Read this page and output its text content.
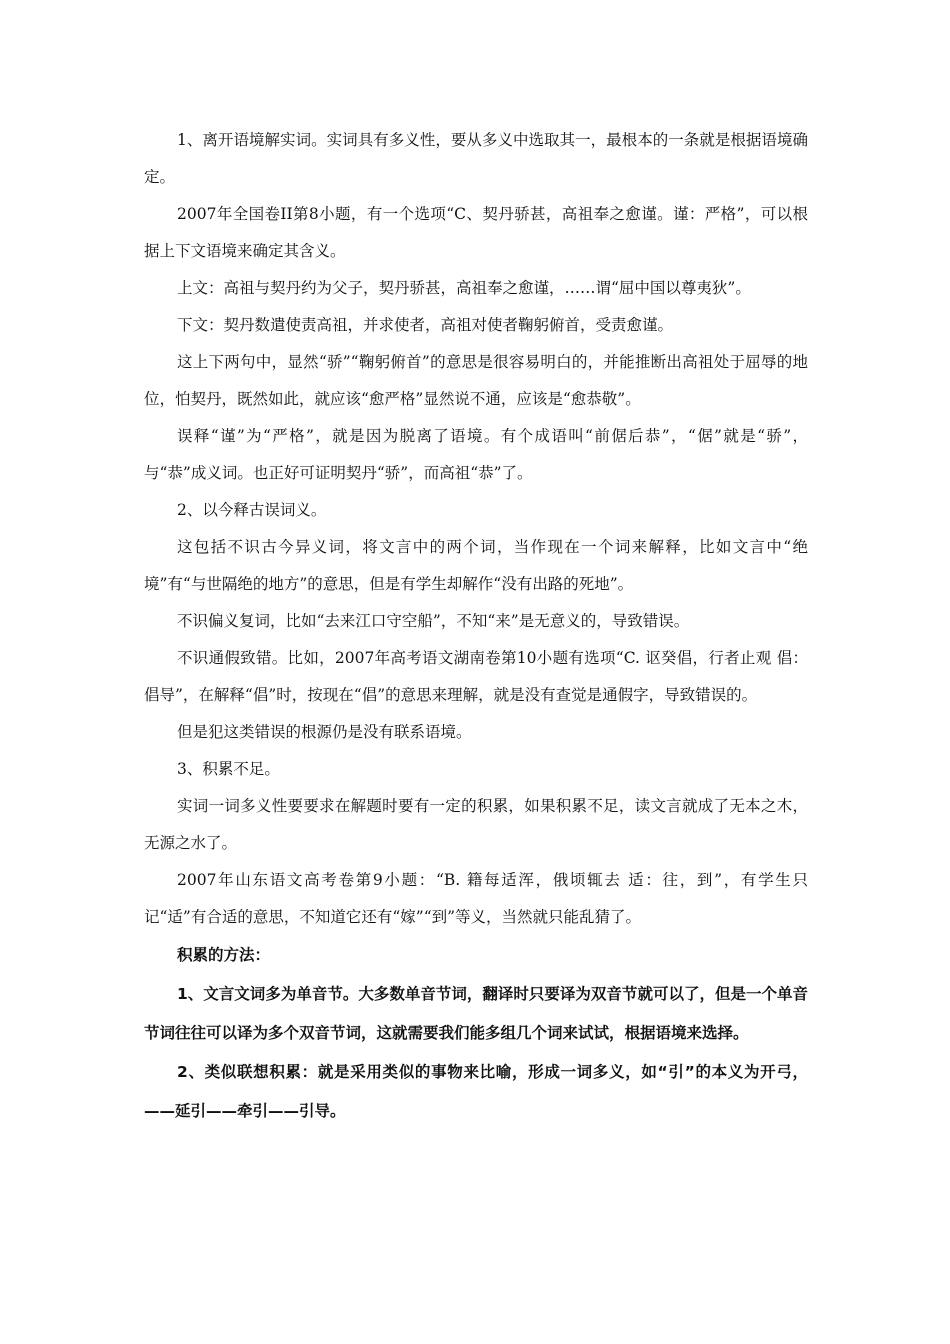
1、离开语境解实词。实词具有多义性，要从多义中选取其一，最根本的一条就是根据语境确定。

2007年全国卷II第8小题，有一个选项“C、契丹骄甚，高祖奉之愈谨。谨：严格”，可以根据上下文语境来确定其含义。

上文：高祖与契丹约为父子，契丹骄甚，高祖奉之愈谨，……谓“屈中国以尊夷狄”。

下文：契丹数遣使责高祖，并求使者，高祖对使者鞠躬俯首，受责愈谨。

这上下两句中，显然“骄”“鞠躬俯首”的意思是很容易明白的，并能推断出高祖处于屈辱的地位，怕契丹，既然如此，就应该“愈严格”显然说不通，应该是“愈恭敬”。

误释“谨”为“严格”，就是因为脱离了语境。有个成语叫“前倨后恭”，“倨”就是“骄”，与“恭”成义词。也正好可证明契丹“骄”，而高祖“恭”了。

2、以今释古误词义。

这包括不识古今异义词，将文言中的两个词，当作现在一个词来解释，比如文言中“绝境”有“与世隔绝的地方”的意思，但是有学生却解作“没有出路的死地”。

不识偏义复词，比如“去来江口守空船”，不知“来”是无意义的，导致错误。

不识通假致错。比如，2007年高考语文湖南卷第10小题有选项“C. 讴癸倡，行者止观 倡：倡导”，在解释“倡”时，按现在“倡”的意思来理解，就是没有查觉是通假字，导致错误的。

但是犯这类错误的根源仍是没有联系语境。

3、积累不足。

实词一词多义性要要求在解题时要有一定的积累，如果积累不足，读文言就成了无本之木，无源之水了。

2007年山东语文高考卷第9小题：“B. 籍每适浑，俄顷辄去 适：往，到”，有学生只记“适”有合适的意思，不知道它还有“嫁”“到”等义，当然就只能乱猜了。

积累的方法：

1、文言文词多为单音节。大多数单音节词，翻译时只要译为双音节就可以了，但是一个单音节词往往可以译为多个双音节词，这就需要我们能多组几个词来试试，根据语境来选择。

2、类似联想积累：就是采用类似的事物来比喻，形成一词多义，如“引”的本义为开弓，——延引——牵引——引导。
